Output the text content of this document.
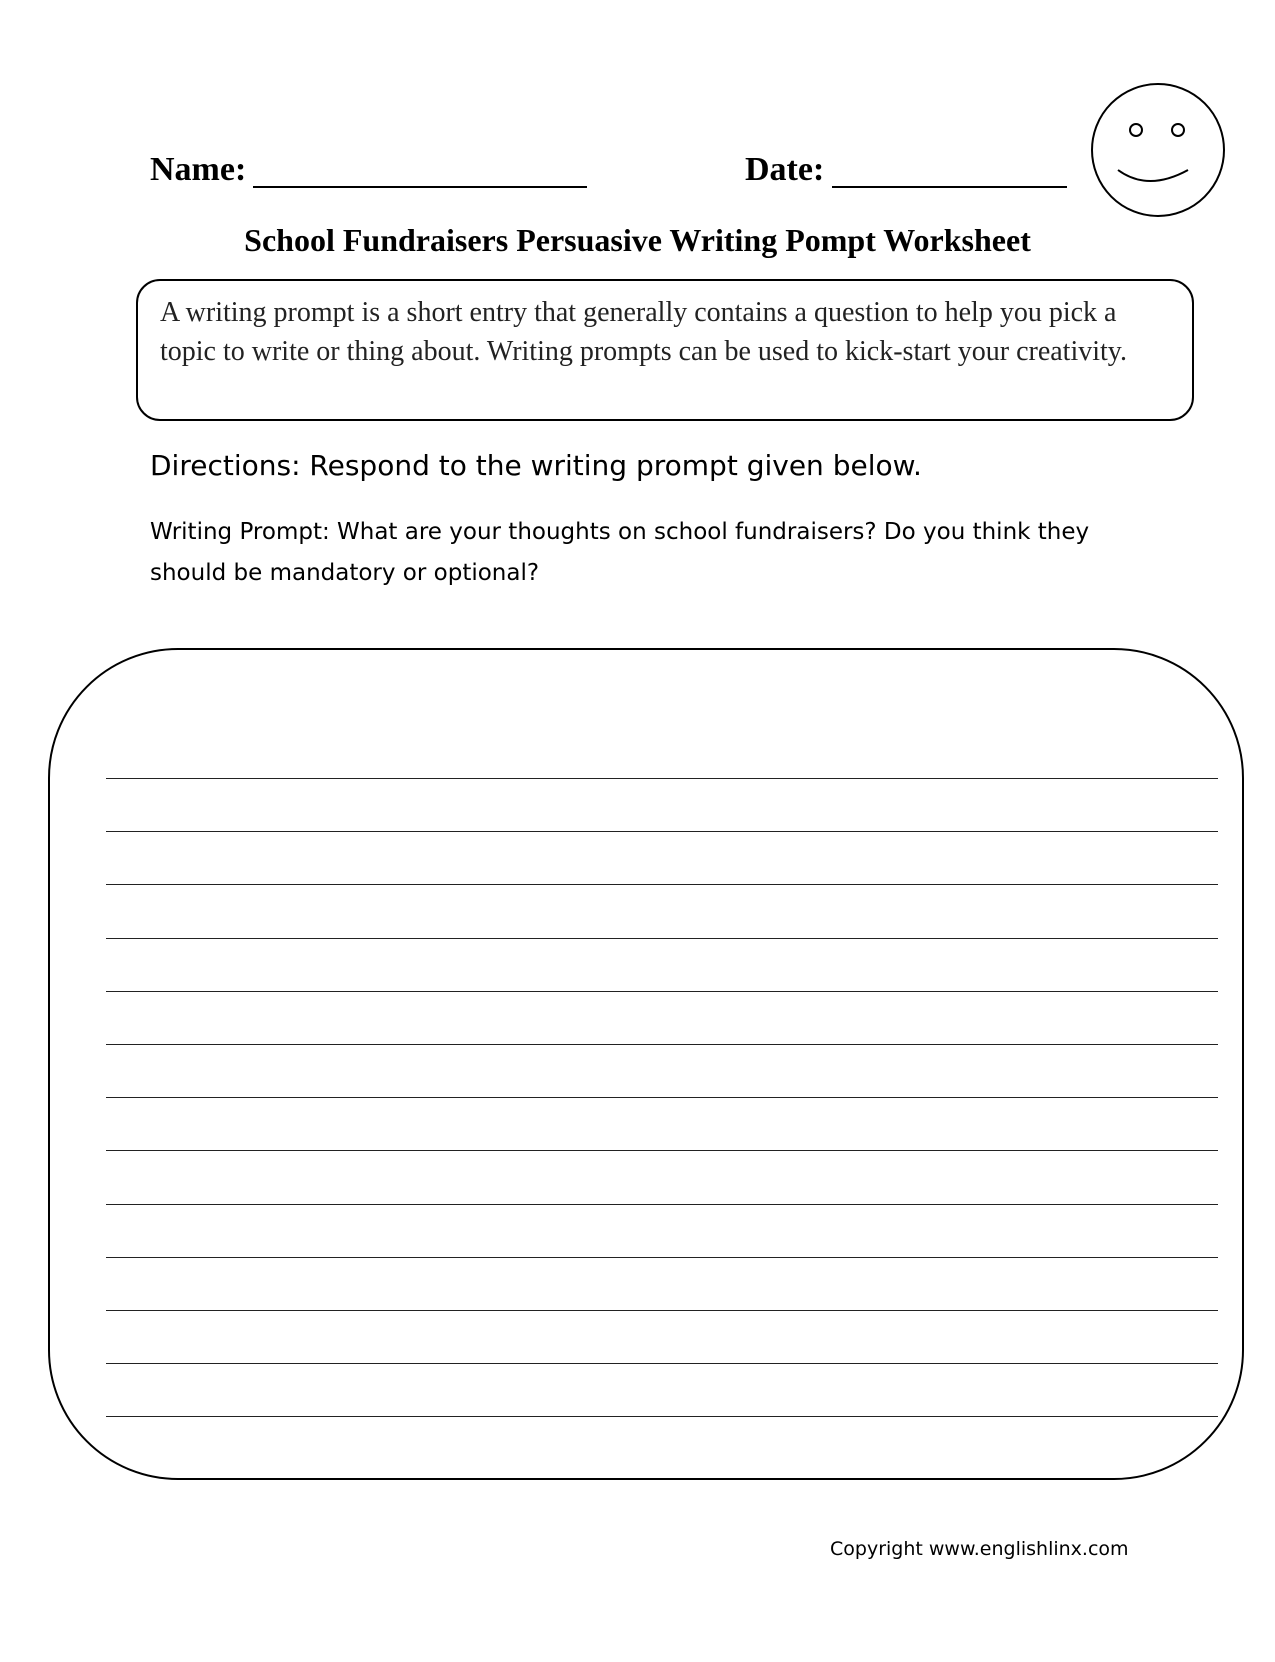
Name:	Date:
School Fundraisers Persuasive Writing Pompt Worksheet
A writing prompt is a short entry that generally contains a question to help you pick a topic to write or thing about. Writing prompts can be used to kick-start your creativity.
Directions: Respond to the writing prompt given below.
Writing Prompt: What are your thoughts on school fundraisers? Do you think they should be mandatory or optional?
Copyright www.englishlinx.com
